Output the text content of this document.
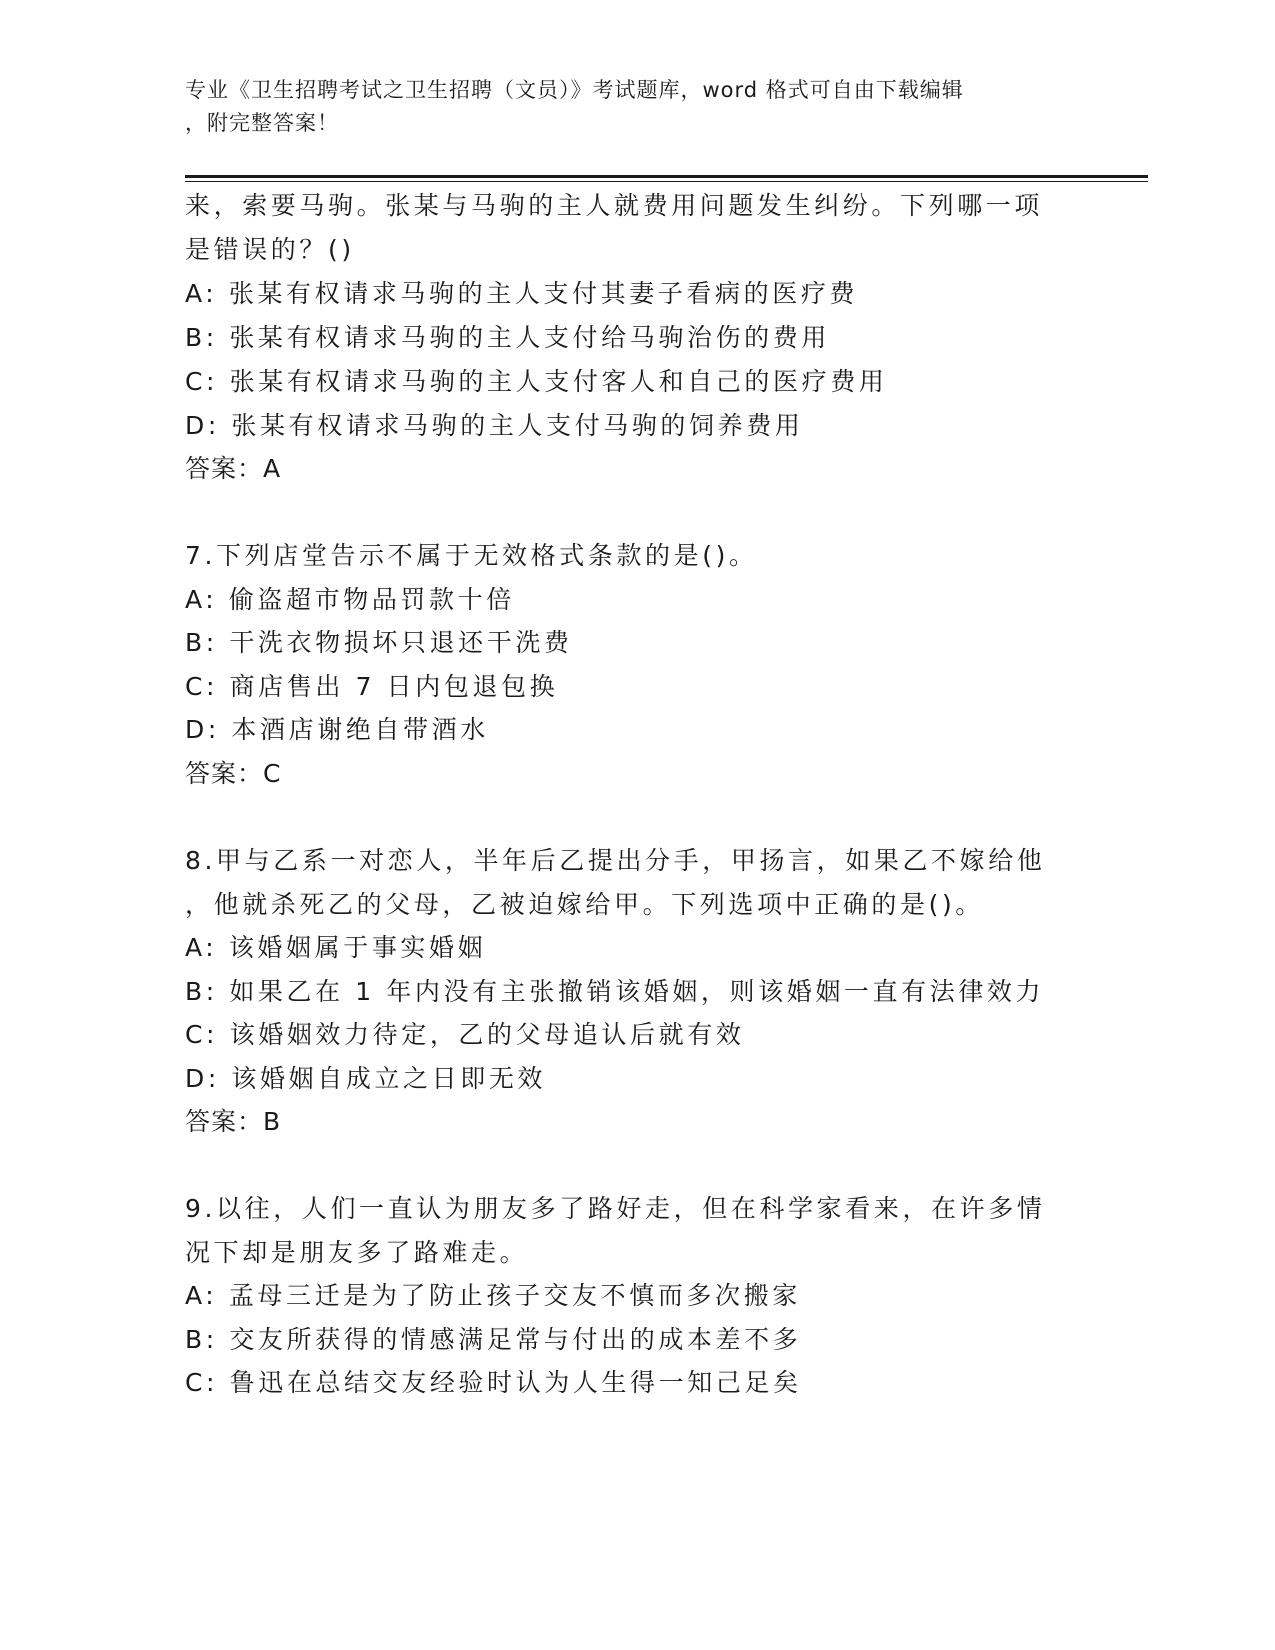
专业《卫生招聘考试之卫生招聘（文员）》考试题库，word 格式可自由下载编辑
，附完整答案！
来，索要马驹。张某与马驹的主人就费用问题发生纠纷。下列哪一项
是错误的？()
A: 张某有权请求马驹的主人支付其妻子看病的医疗费
B: 张某有权请求马驹的主人支付给马驹治伤的费用
C: 张某有权请求马驹的主人支付客人和自己的医疗费用
D: 张某有权请求马驹的主人支付马驹的饲养费用
答案：A
7.下列店堂告示不属于无效格式条款的是()。
A: 偷盗超市物品罚款十倍
B: 干洗衣物损坏只退还干洗费
C: 商店售出 7 日内包退包换
D: 本酒店谢绝自带酒水
答案：C
8.甲与乙系一对恋人，半年后乙提出分手，甲扬言，如果乙不嫁给他
，他就杀死乙的父母，乙被迫嫁给甲。下列选项中正确的是()。
A: 该婚姻属于事实婚姻
B: 如果乙在 1 年内没有主张撤销该婚姻，则该婚姻一直有法律效力
C: 该婚姻效力待定，乙的父母追认后就有效
D: 该婚姻自成立之日即无效
答案：B
9.以往，人们一直认为朋友多了路好走，但在科学家看来，在许多情
况下却是朋友多了路难走。
A: 孟母三迁是为了防止孩子交友不慎而多次搬家
B: 交友所获得的情感满足常与付出的成本差不多
C: 鲁迅在总结交友经验时认为人生得一知己足矣
